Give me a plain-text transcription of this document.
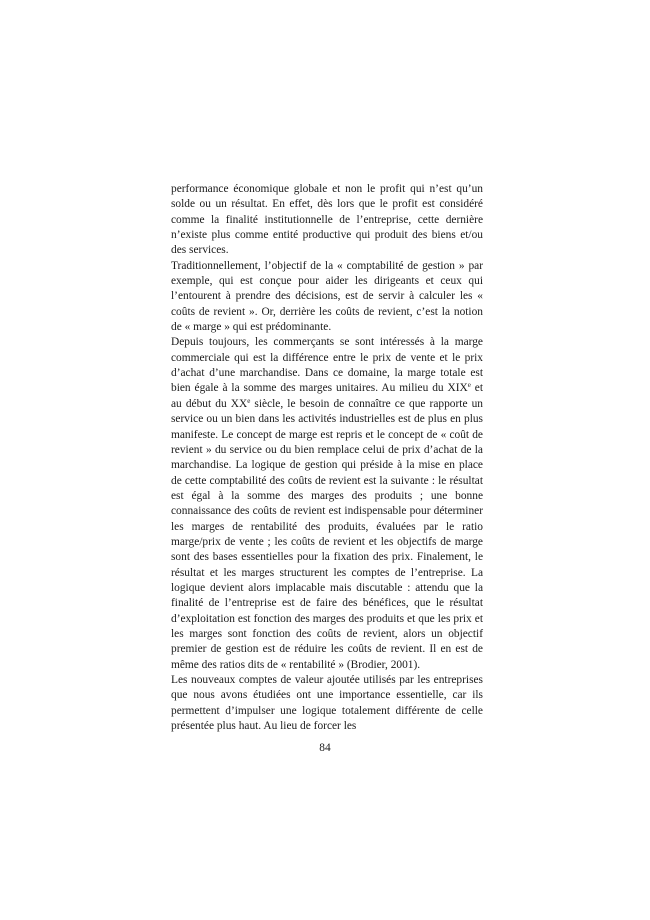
performance économique globale et non le profit qui n’est qu’un solde ou un résultat. En effet, dès lors que le profit est considéré comme la finalité institutionnelle de l’entreprise, cette dernière n’existe plus comme entité productive qui produit des biens et/ou des services.

Traditionnellement, l’objectif de la « comptabilité de gestion » par exemple, qui est conçue pour aider les dirigeants et ceux qui l’entourent à prendre des décisions, est de servir à calculer les « coûts de revient ». Or, derrière les coûts de revient, c’est la notion de « marge » qui est prédominante.

Depuis toujours, les commerçants se sont intéressés à la marge commerciale qui est la différence entre le prix de vente et le prix d’achat d’une marchandise. Dans ce domaine, la marge totale est bien égale à la somme des marges unitaires. Au milieu du XIXe et au début du XXe siècle, le besoin de connaître ce que rapporte un service ou un bien dans les activités industrielles est de plus en plus manifeste. Le concept de marge est repris et le concept de « coût de revient » du service ou du bien remplace celui de prix d’achat de la marchandise. La logique de gestion qui préside à la mise en place de cette comptabilité des coûts de revient est la suivante : le résultat est égal à la somme des marges des produits ; une bonne connaissance des coûts de revient est indispensable pour déterminer les marges de rentabilité des produits, évaluées par le ratio marge/prix de vente ; les coûts de revient et les objectifs de marge sont des bases essentielles pour la fixation des prix. Finalement, le résultat et les marges structurent les comptes de l’entreprise. La logique devient alors implacable mais discutable : attendu que la finalité de l’entreprise est de faire des bénéfices, que le résultat d’exploitation est fonction des marges des produits et que les prix et les marges sont fonction des coûts de revient, alors un objectif premier de gestion est de réduire les coûts de revient. Il en est de même des ratios dits de « rentabilité » (Brodier, 2001).

Les nouveaux comptes de valeur ajoutée utilisés par les entreprises que nous avons étudiées ont une importance essentielle, car ils permettent d’impulser une logique totalement différente de celle présentée plus haut. Au lieu de forcer les

84
